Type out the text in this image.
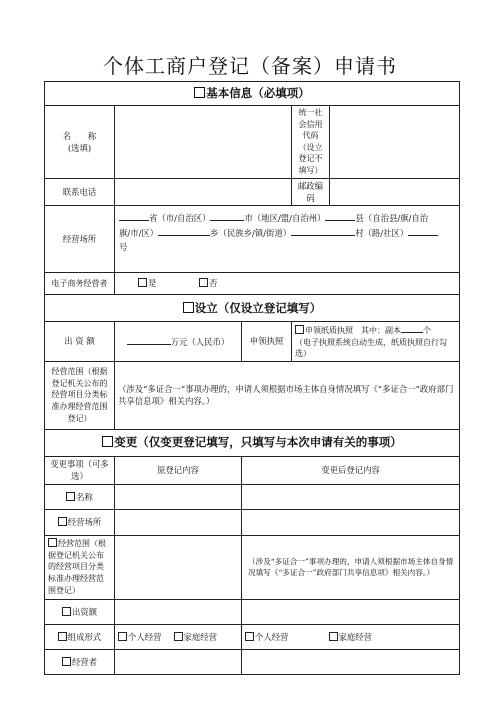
个体工商户登记（备案）申请书
基本信息（必填项）				
名　　称
(选填)			统一社会信用代码（设立登记不填写）	
联系电话			邮政编码	
经营场所	省（市/自治区） 市（地区/盟/自治州） 县（自治县/旗/自治
旗/市/区） 乡（民族乡/镇/街道） 村（路/社区）
号			

电子商务经营者	是 否			
设立（仅设立登记填写）				
出 资 额	万元（人民币）	申领执照	申领纸质执照　其中：副本 个
（电子执照系统自动生成，纸质执照自行勾选）	
经营范围（根据登记机关公布的经营项目分类标准办理经营范围登记）	（涉及“多证合一”事项办理的，申请人须根据市场主体自身情况填写《“多证合一”政府部门共享信息项》相关内容。）			
变更（仅变更登记填写，只填写与本次申请有关的事项）				
变更事项（可多选）	原登记内容	变更后登记内容		
名称				
经营场所				
经营范围（根据登记机关公布的经营项目分类标准办理经营范围登记）		（涉及“多证合一”事项办理的，申请人须根据市场主体自身情况填写《“多证合一”政府部门共享信息项》相关内容。）		
出资额				
组成形式	个人经营 家庭经营	个人经营 家庭经营		
经营者				
